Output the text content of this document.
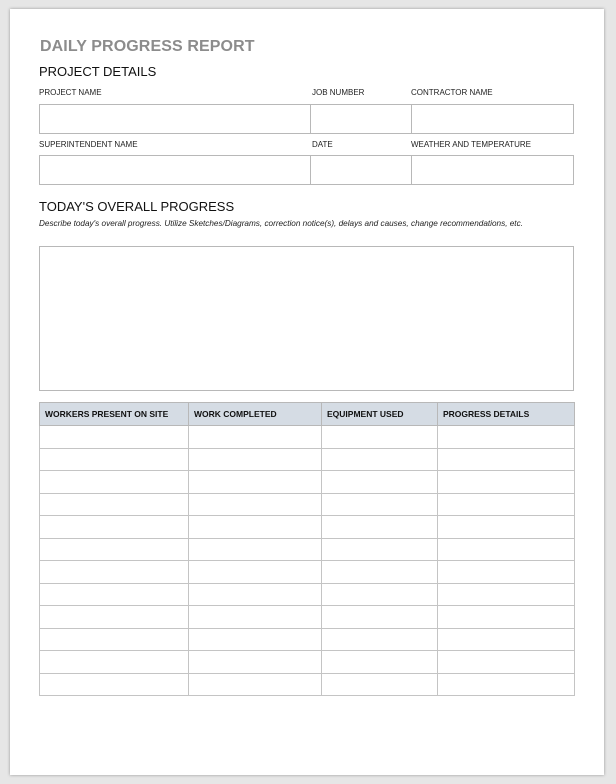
DAILY PROGRESS REPORT
PROJECT DETAILS
PROJECT NAME	JOB NUMBER	CONTRACTOR NAME
SUPERINTENDENT NAME	DATE	WEATHER AND TEMPERATURE
TODAY'S OVERALL PROGRESS
Describe today's overall progress. Utilize Sketches/Diagrams, correction notice(s), delays and causes, change recommendations, etc.
WORKERS PRESENT ON SITE	WORK COMPLETED	EQUIPMENT USED	PROGRESS DETAILS
